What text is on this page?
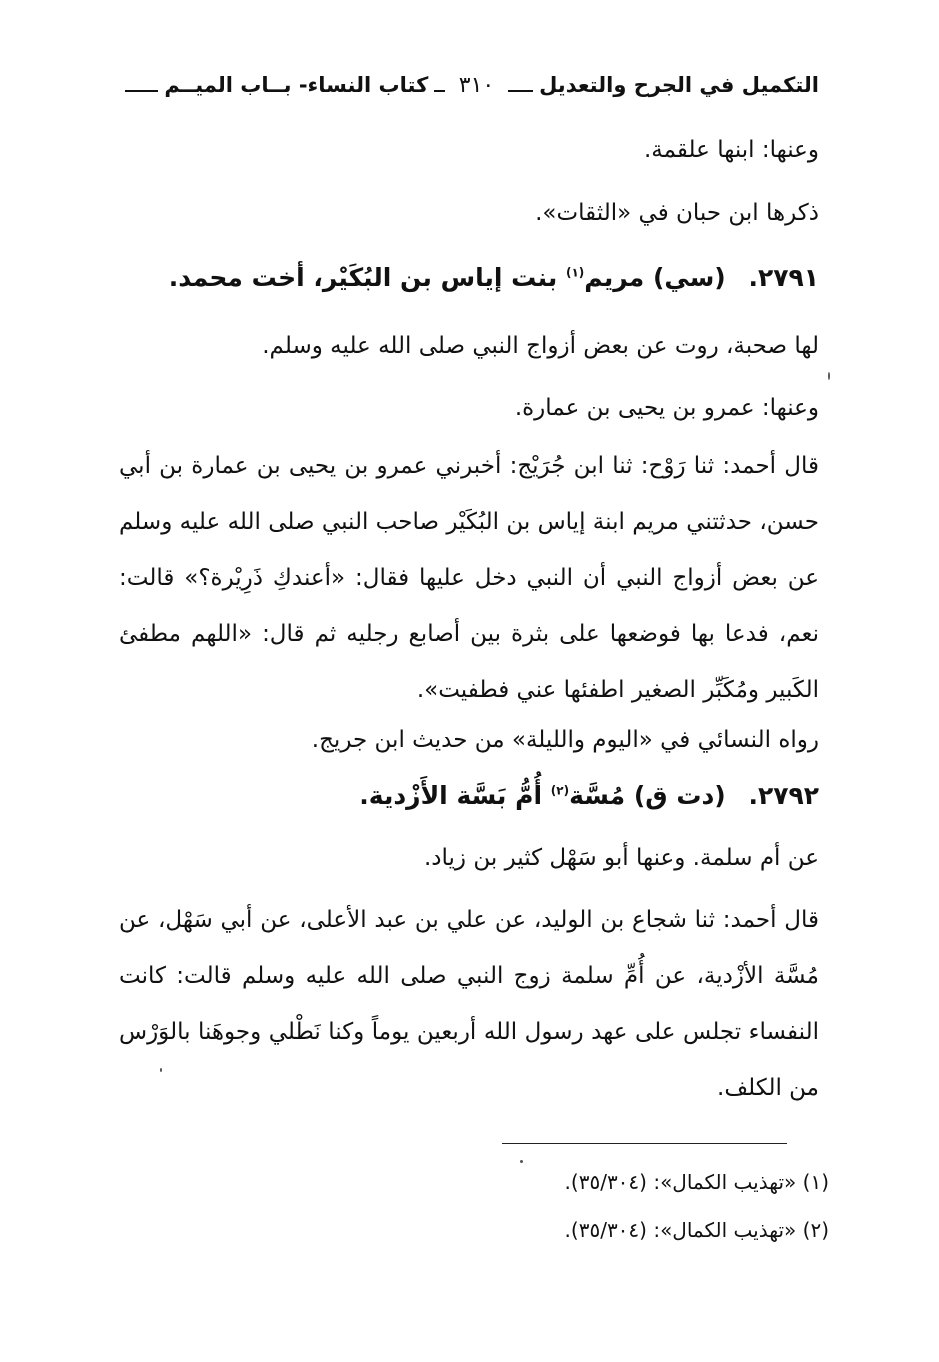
التكميل في الجرح والتعديل
٣١٠
كتاب النساء- بــاب الميــم

وعنها: ابنها علقمة.

ذكرها ابن حبان في «الثقات».

٢٧٩١. (سي) مريم$^{(١)}$ بنت إياس بن البُكَيْر، أخت محمد.

لها صحبة، روت عن بعض أزواج النبي صلى الله عليه وسلم.

وعنها: عمرو بن يحيى بن عمارة.

قال أحمد: ثنا رَوْح: ثنا ابن جُرَيْج: أخبرني عمرو بن يحيى بن عمارة بن أبي حسن، حدثتني مريم ابنة إياس بن البُكَيْر صاحب النبي صلى الله عليه وسلم عن بعض أزواج النبي أن النبي دخل عليها فقال: «أعندكِ ذَرِيْرة؟» قالت: نعم، فدعا بها فوضعها على بثرة بين أصابع رجليه ثم قال: «اللهم مطفئ الكَبير ومُكَبِّر الصغير اطفئها عني فطفيت».

رواه النسائي في «اليوم والليلة» من حديث ابن جريج.

٢٧٩٢. (دت ق) مُسَّة$^{(٢)}$ أُمُّ بَسَّة الأَزْدية.

عن أم سلمة. وعنها أبو سَهْل كثير بن زياد.

قال أحمد: ثنا شجاع بن الوليد، عن علي بن عبد الأعلى، عن أبي سَهْل، عن مُسَّة الأزْدية، عن أُمِّ سلمة زوج النبي صلى الله عليه وسلم قالت: كانت النفساء تجلس على عهد رسول الله أربعين يوماً وكنا نَطْلي وجوهَنا بالوَرْس من الكلف.

(١) «تهذيب الكمال»: (٣٥/٣٠٤).

(٢) «تهذيب الكمال»: (٣٥/٣٠٤).
